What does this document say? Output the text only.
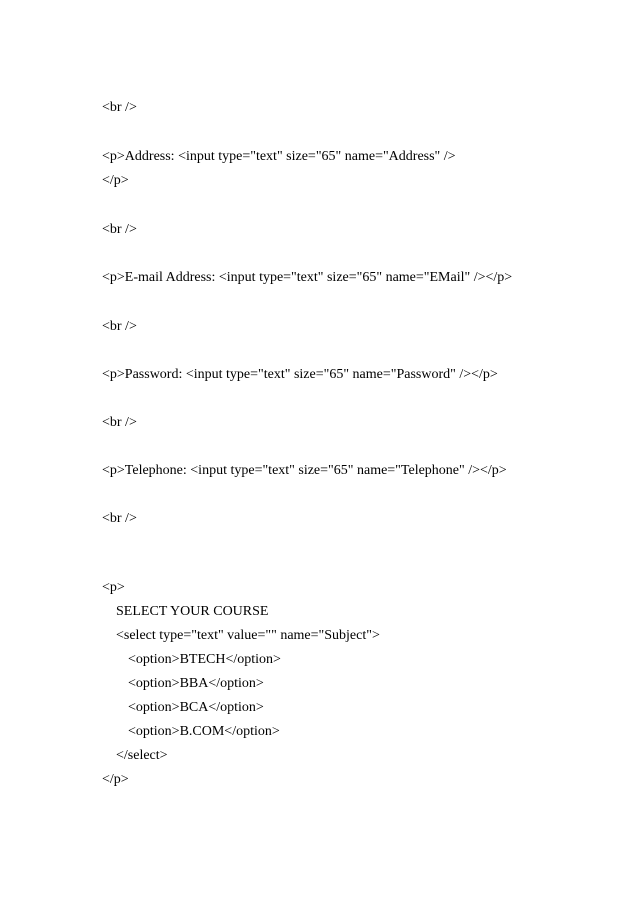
<br />
<p>Address: <input type="text" size="65" name="Address" />
</p>
<br />
<p>E-mail Address: <input type="text" size="65" name="EMail" /></p>
<br />
<p>Password: <input type="text" size="65" name="Password" /></p>
<br />
<p>Telephone: <input type="text" size="65" name="Telephone" /></p>
<br />
<p>
SELECT YOUR COURSE
<select type="text" value="" name="Subject">
<option>BTECH</option>
<option>BBA</option>
<option>BCA</option>
<option>B.COM</option>
</select>
</p>
